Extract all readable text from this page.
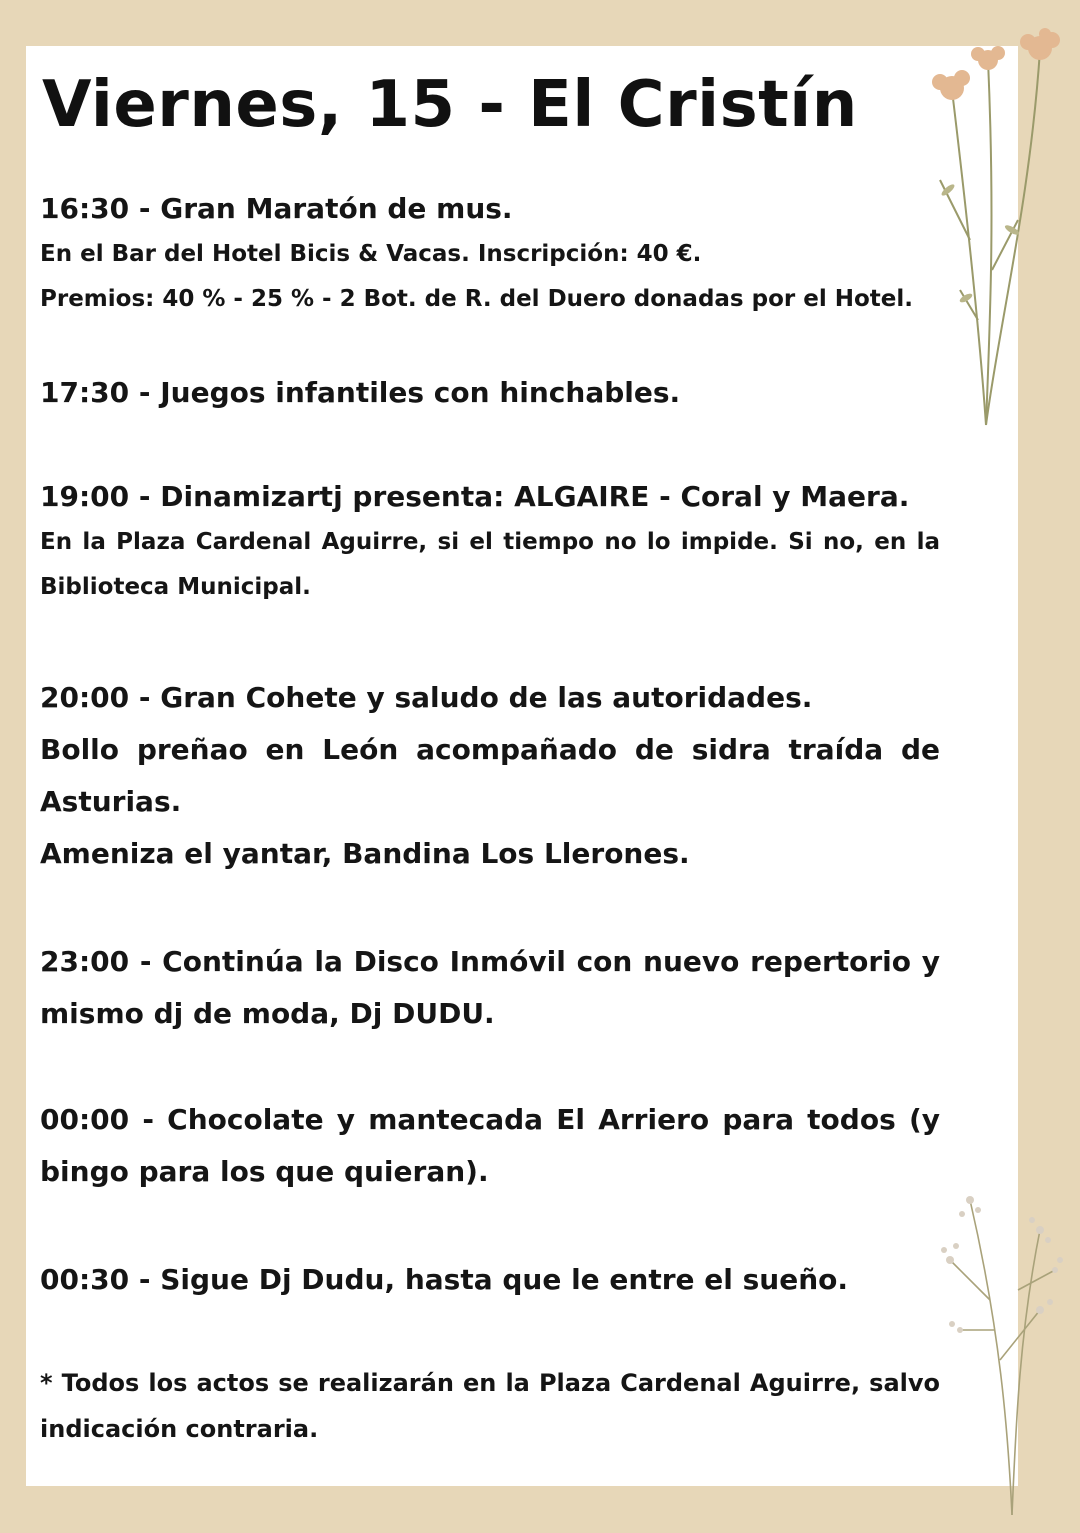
Viernes, 15 - El Cristín

16:30 - Gran Maratón de mus.

En el Bar del Hotel Bicis & Vacas. Inscripción: 40 €.

Premios: 40 % - 25 % - 2 Bot. de R. del Duero donadas por el Hotel.

17:30 - Juegos infantiles con hinchables.

19:00 - Dinamizartj presenta: ALGAIRE - Coral y Maera.

En la Plaza Cardenal Aguirre, si el tiempo no lo impide. Si no, en la Biblioteca Municipal.

20:00 - Gran Cohete y saludo de las autoridades.

Bollo preñao en León acompañado de sidra traída de Asturias.

Ameniza el yantar, Bandina Los Llerones.

23:00 - Continúa la Disco Inmóvil con nuevo repertorio y mismo dj de moda, Dj DUDU.

00:00 - Chocolate y mantecada El Arriero para todos (y bingo para los que quieran).

00:30 - Sigue Dj Dudu, hasta que le entre el sueño.

* Todos los actos se realizarán en la Plaza Cardenal Aguirre, salvo indicación contraria.
